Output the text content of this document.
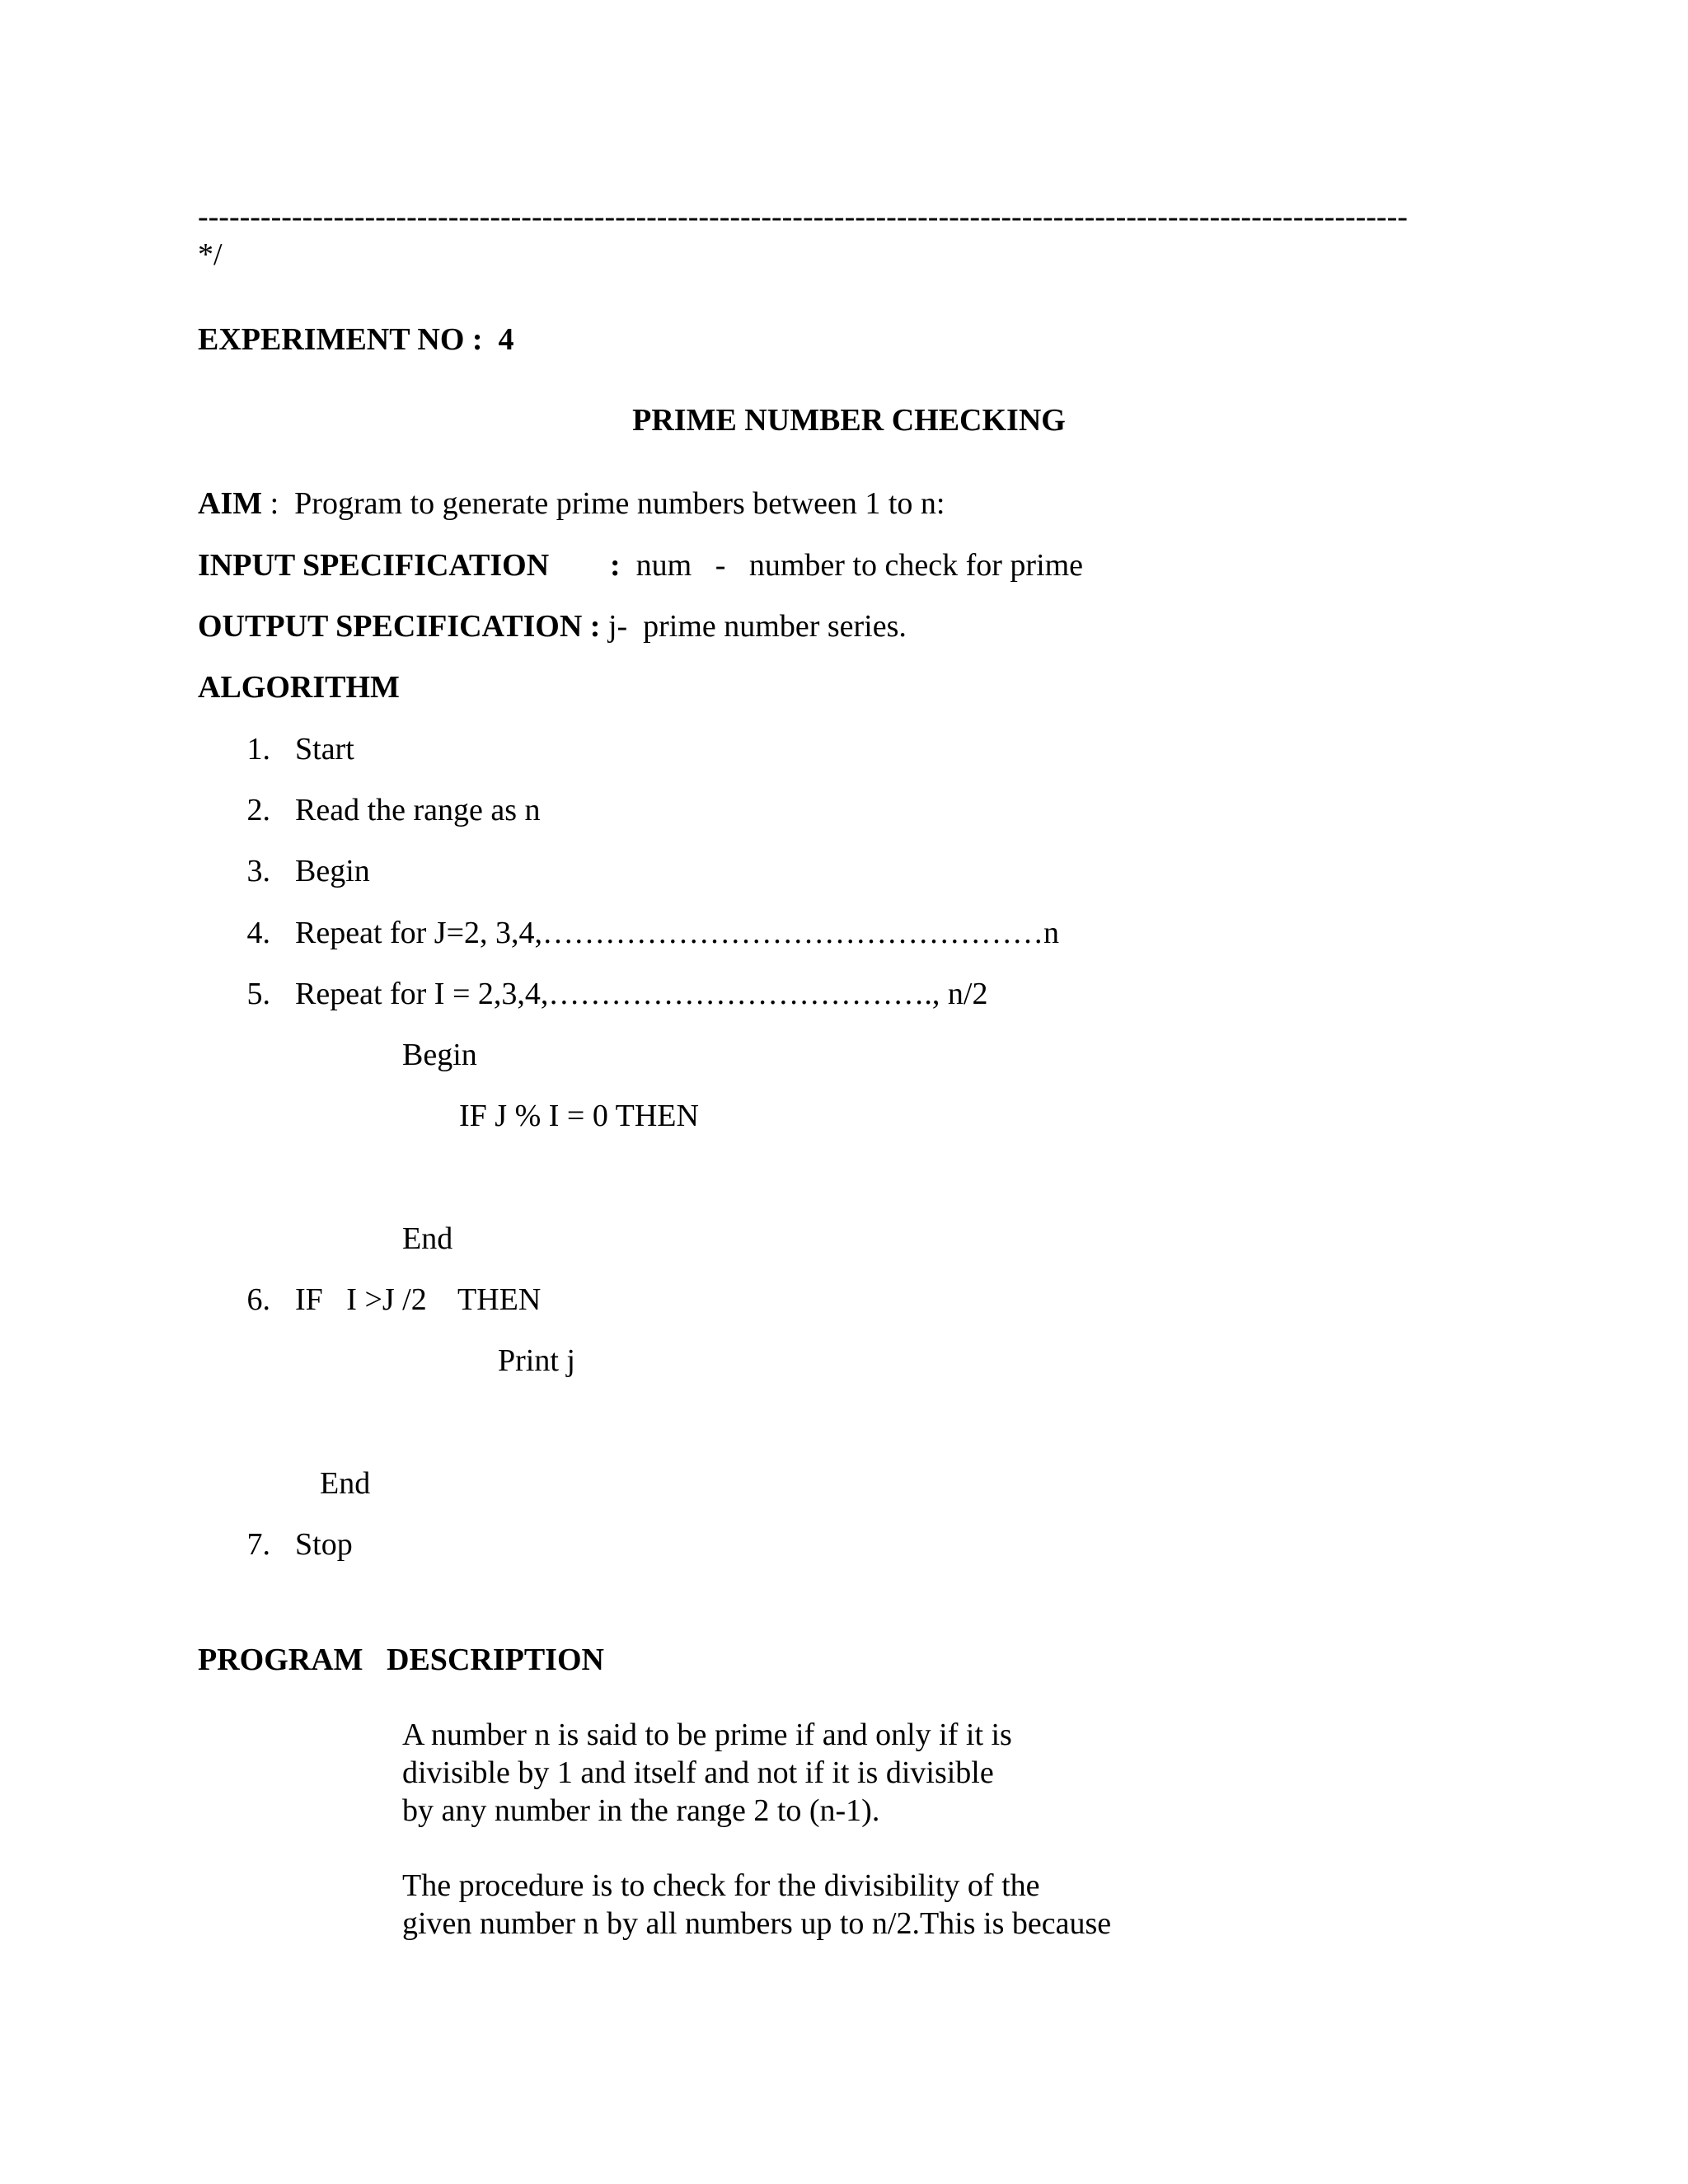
--------------------------------------------------------------------------------------------------------------------
*/
EXPERIMENT NO :  4
PRIME NUMBER CHECKING
AIM :  Program to generate prime numbers between 1 to n:
INPUT SPECIFICATION :  num   -   number to check for prime
OUTPUT SPECIFICATION : j-  prime number series.
ALGORITHM
1. Start
2. Read the range as n
3. Begin
4. Repeat for J=2, 3,4,…………………………………………n
5. Repeat for I = 2,3,4,………………………………., n/2
Begin
IF J % I = 0 THEN
End
6. IF   I >J /2    THEN
Print j
End
7. Stop
PROGRAM   DESCRIPTION
A number n is said to be prime if and only if it is
divisible by 1 and itself and not if it is divisible
by any number in the range 2 to (n-1).
The procedure is to check for the divisibility of the
given number n by all numbers up to n/2.This is because
